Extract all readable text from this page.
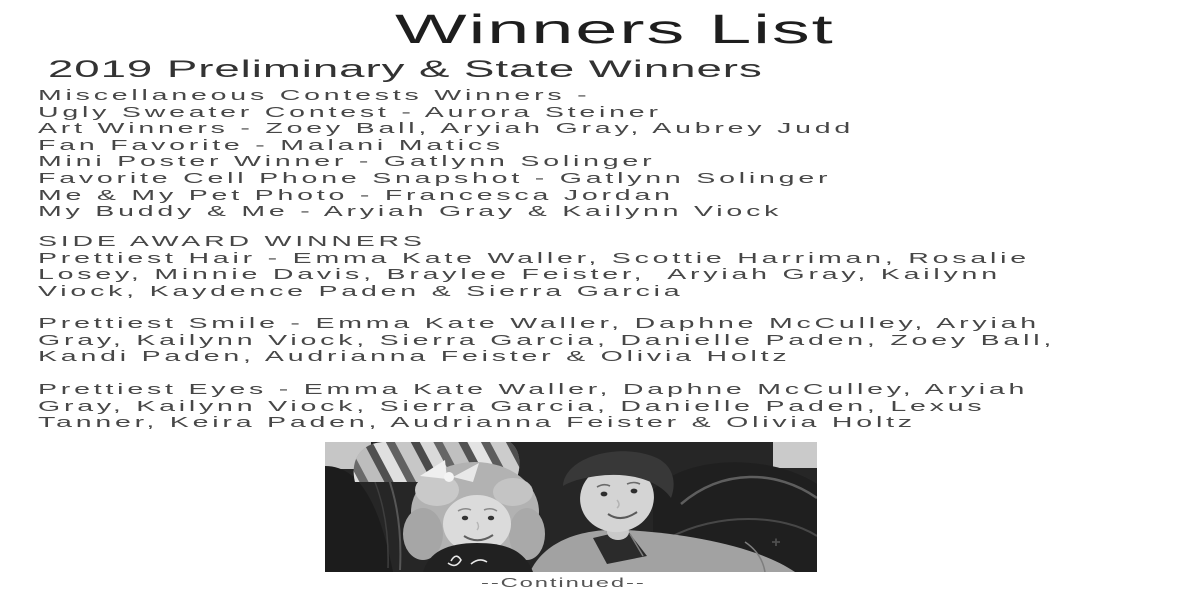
Winners List
2019 Preliminary & State Winners
Miscellaneous Contests Winners -
Ugly Sweater Contest - Aurora Steiner
Art Winners - Zoey Ball, Aryiah Gray, Aubrey Judd
Fan Favorite - Malani Matics
Mini Poster Winner - Gatlynn Solinger
Favorite Cell Phone Snapshot - Gatlynn Solinger
Me & My Pet Photo - Francesca Jordan
My Buddy & Me - Aryiah Gray & Kailynn Viock
SIDE AWARD WINNERS
Prettiest Hair - Emma Kate Waller, Scottie Harriman, Rosalie
Losey, Minnie Davis, Braylee Feister,  Aryiah Gray, Kailynn
Viock, Kaydence Paden & Sierra Garcia
Prettiest Smile - Emma Kate Waller, Daphne McCulley, Aryiah
Gray, Kailynn Viock, Sierra Garcia, Danielle Paden, Zoey Ball,
Kandi Paden, Audrianna Feister & Olivia Holtz
Prettiest Eyes - Emma Kate Waller, Daphne McCulley, Aryiah
Gray, Kailynn Viock, Sierra Garcia, Danielle Paden, Lexus
Tanner, Keira Paden, Audrianna Feister & Olivia Holtz
--Continued--
